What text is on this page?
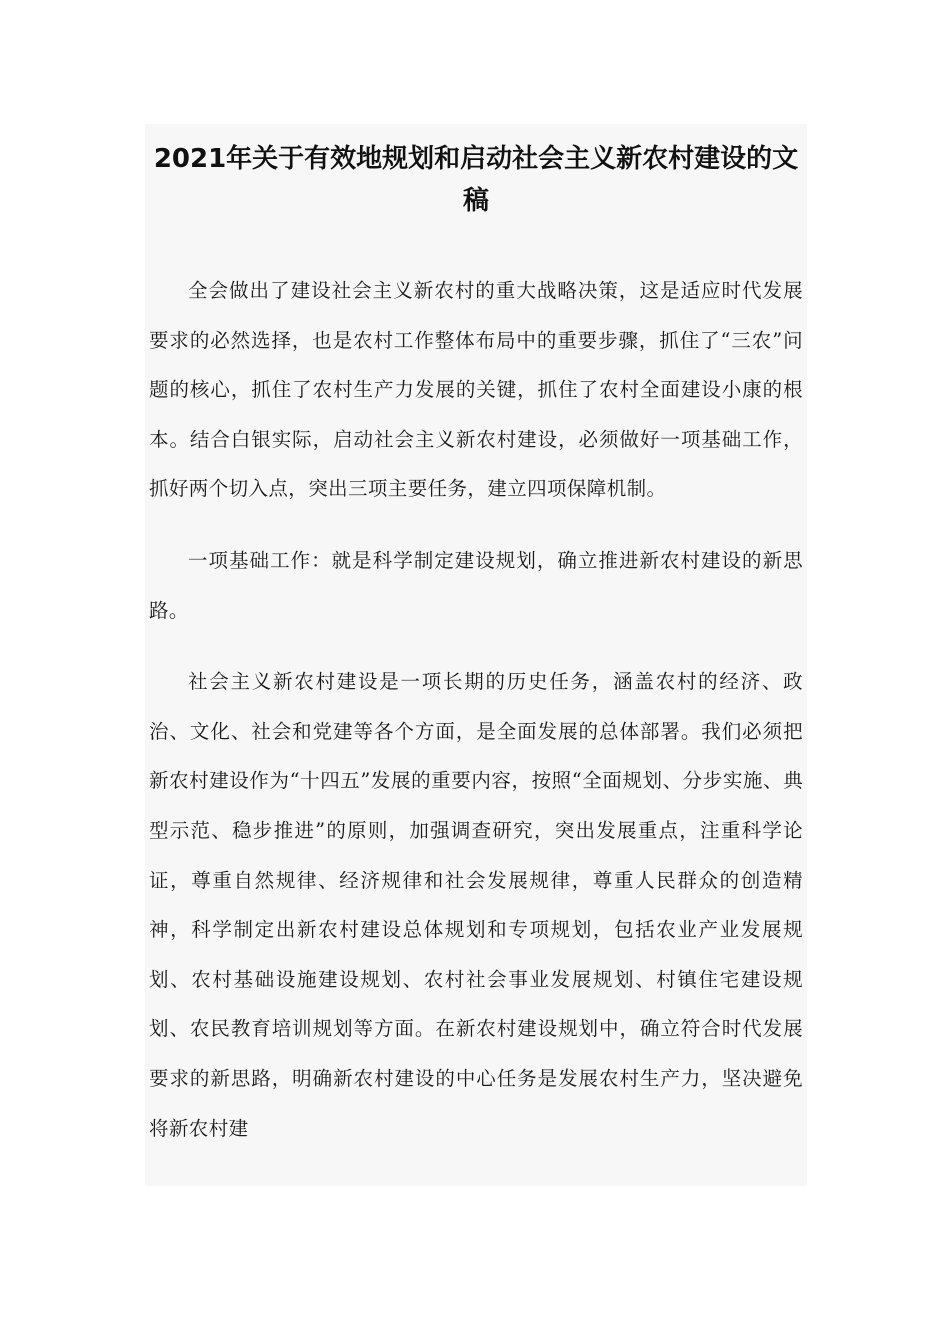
2021年关于有效地规划和启动社会主义新农村建设的文稿

全会做出了建设社会主义新农村的重大战略决策，这是适应时代发展要求的必然选择，也是农村工作整体布局中的重要步骤，抓住了“三农”问题的核心，抓住了农村生产力发展的关键，抓住了农村全面建设小康的根本。结合白银实际，启动社会主义新农村建设，必须做好一项基础工作，抓好两个切入点，突出三项主要任务，建立四项保障机制。

一项基础工作：就是科学制定建设规划，确立推进新农村建设的新思路。

社会主义新农村建设是一项长期的历史任务，涵盖农村的经济、政治、文化、社会和党建等各个方面，是全面发展的总体部署。我们必须把新农村建设作为“十四五”发展的重要内容，按照“全面规划、分步实施、典型示范、稳步推进”的原则，加强调查研究，突出发展重点，注重科学论证，尊重自然规律、经济规律和社会发展规律，尊重人民群众的创造精神，科学制定出新农村建设总体规划和专项规划，包括农业产业发展规划、农村基础设施建设规划、农村社会事业发展规划、村镇住宅建设规划、农民教育培训规划等方面。在新农村建设规划中，确立符合时代发展要求的新思路，明确新农村建设的中心任务是发展农村生产力，坚决避免将新农村建
